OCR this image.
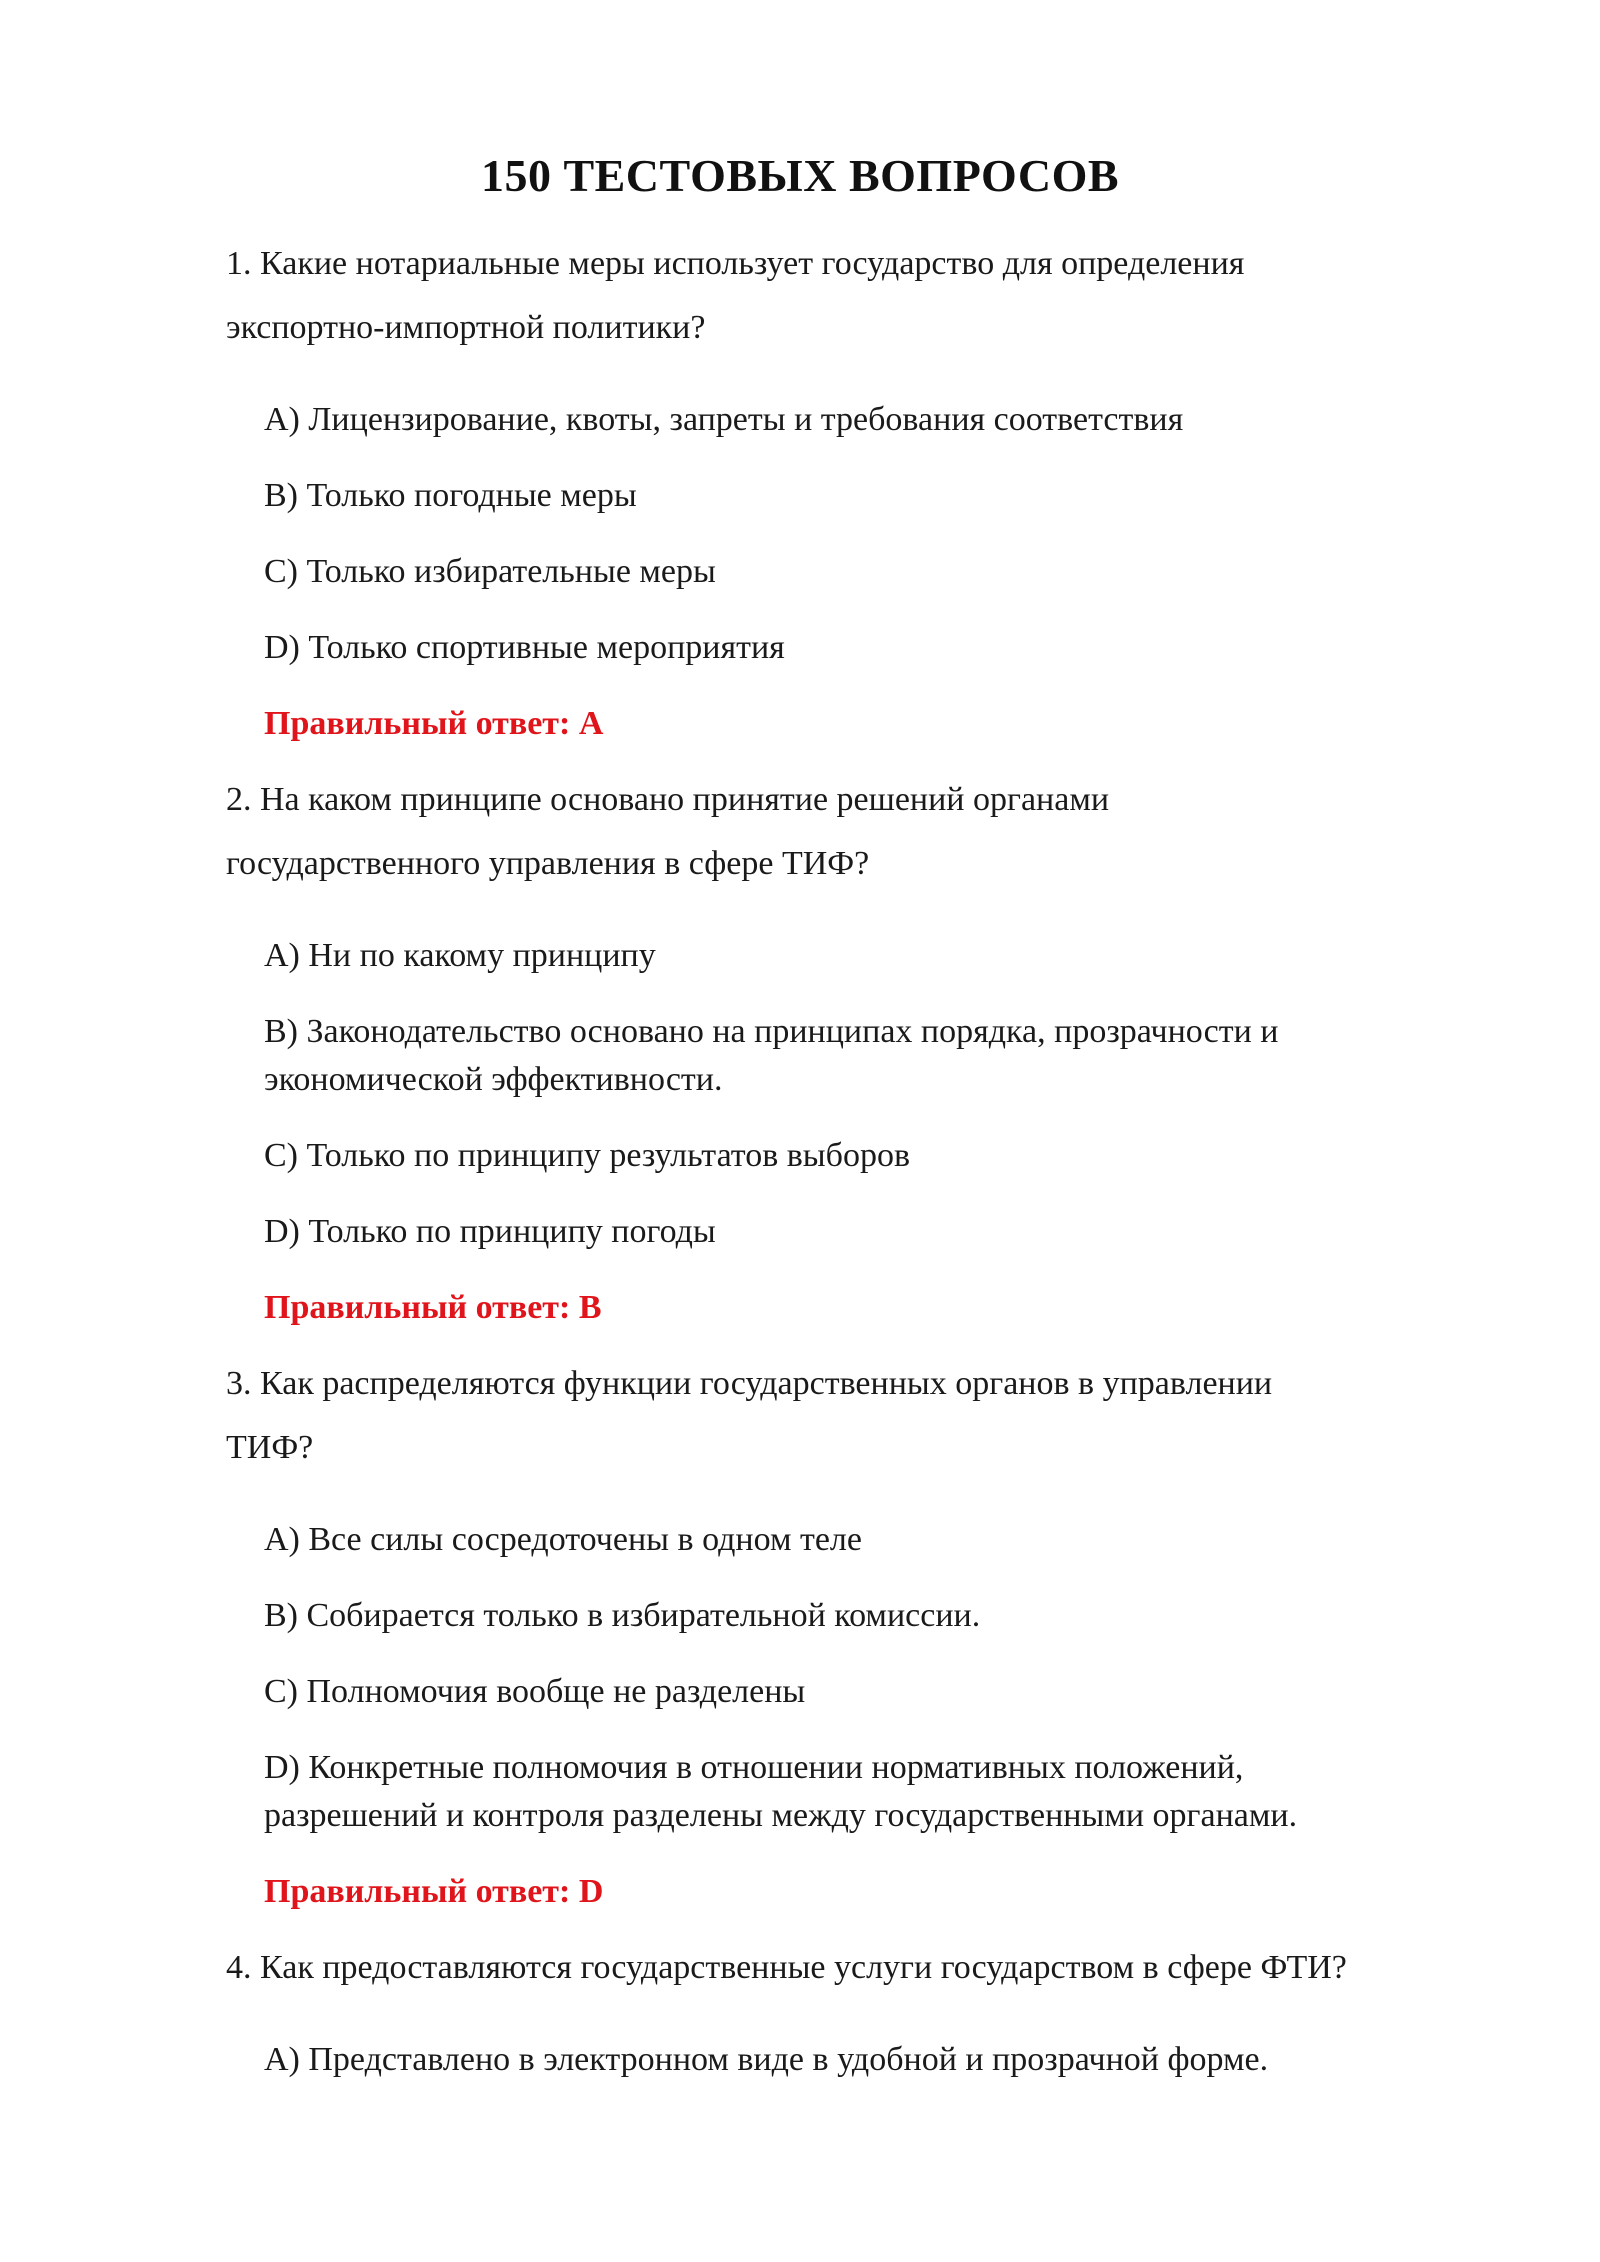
150 ТЕСТОВЫХ ВОПРОСОВ
1. Какие нотариальные меры использует государство для определения
экспортно-импортной политики?
A) Лицензирование, квоты, запреты и требования соответствия
B) Только погодные меры
C) Только избирательные меры
D) Только спортивные мероприятия
Правильный ответ: A
2. На каком принципе основано принятие решений органами
государственного управления в сфере ТИФ?
A) Ни по какому принципу
B) Законодательство основано на принципах порядка, прозрачности и
экономической эффективности.
C) Только по принципу результатов выборов
D) Только по принципу погоды
Правильный ответ: B
3. Как распределяются функции государственных органов в управлении
ТИФ?
A) Все силы сосредоточены в одном теле
B) Собирается только в избирательной комиссии.
C) Полномочия вообще не разделены
D) Конкретные полномочия в отношении нормативных положений,
разрешений и контроля разделены между государственными органами.
Правильный ответ: D
4. Как предоставляются государственные услуги государством в сфере ФТИ?
A) Представлено в электронном виде в удобной и прозрачной форме.
